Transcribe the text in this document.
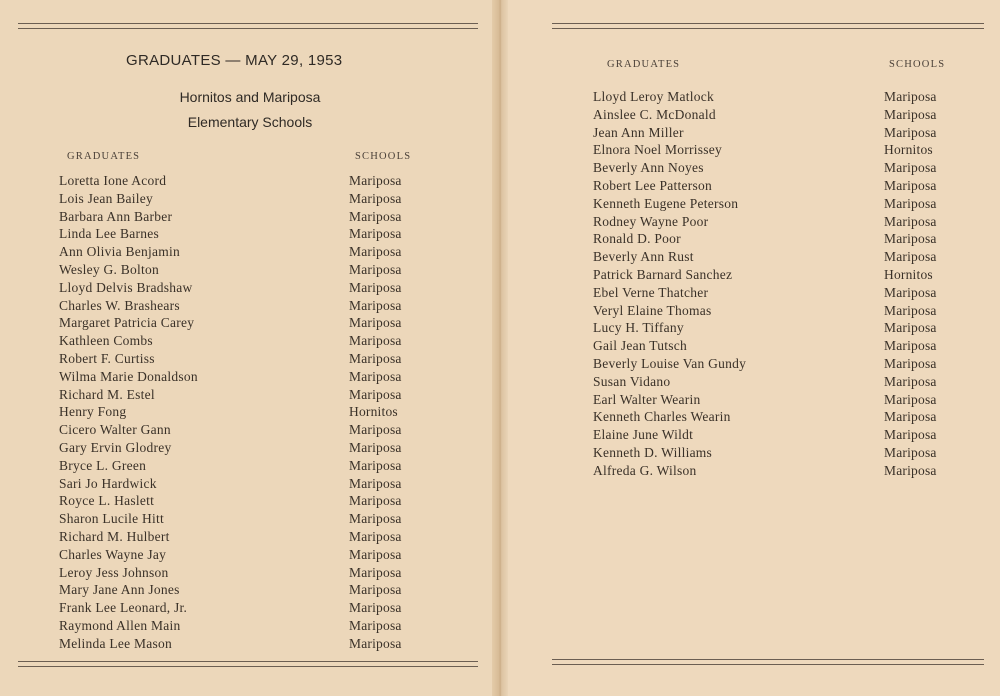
GRADUATES — MAY 29, 1953
Hornitos and Mariposa
Elementary Schools
GRADUATES	SCHOOLS
GRADUATES	SCHOOLS
Loretta Ione Acord	Mariposa
Lois Jean Bailey	Mariposa
Barbara Ann Barber	Mariposa
Linda Lee Barnes	Mariposa
Ann Olivia Benjamin	Mariposa
Wesley G. Bolton	Mariposa
Lloyd Delvis Bradshaw	Mariposa
Charles W. Brashears	Mariposa
Margaret Patricia Carey	Mariposa
Kathleen Combs	Mariposa
Robert F. Curtiss	Mariposa
Wilma Marie Donaldson	Mariposa
Richard M. Estel	Mariposa
Henry Fong	Hornitos
Cicero Walter Gann	Mariposa
Gary Ervin Glodrey	Mariposa
Bryce L. Green	Mariposa
Sari Jo Hardwick	Mariposa
Royce L. Haslett	Mariposa
Sharon Lucile Hitt	Mariposa
Richard M. Hulbert	Mariposa
Charles Wayne Jay	Mariposa
Leroy Jess Johnson	Mariposa
Mary Jane Ann Jones	Mariposa
Frank Lee Leonard, Jr.	Mariposa
Raymond Allen Main	Mariposa
Melinda Lee Mason	Mariposa
Lloyd Leroy Matlock	Mariposa
Ainslee C. McDonald	Mariposa
Jean Ann Miller	Mariposa
Elnora Noel Morrissey	Hornitos
Beverly Ann Noyes	Mariposa
Robert Lee Patterson	Mariposa
Kenneth Eugene Peterson	Mariposa
Rodney Wayne Poor	Mariposa
Ronald D. Poor	Mariposa
Beverly Ann Rust	Mariposa
Patrick Barnard Sanchez	Hornitos
Ebel Verne Thatcher	Mariposa
Veryl Elaine Thomas	Mariposa
Lucy H. Tiffany	Mariposa
Gail Jean Tutsch	Mariposa
Beverly Louise Van Gundy	Mariposa
Susan Vidano	Mariposa
Earl Walter Wearin	Mariposa
Kenneth Charles Wearin	Mariposa
Elaine June Wildt	Mariposa
Kenneth D. Williams	Mariposa
Alfreda G. Wilson	Mariposa
